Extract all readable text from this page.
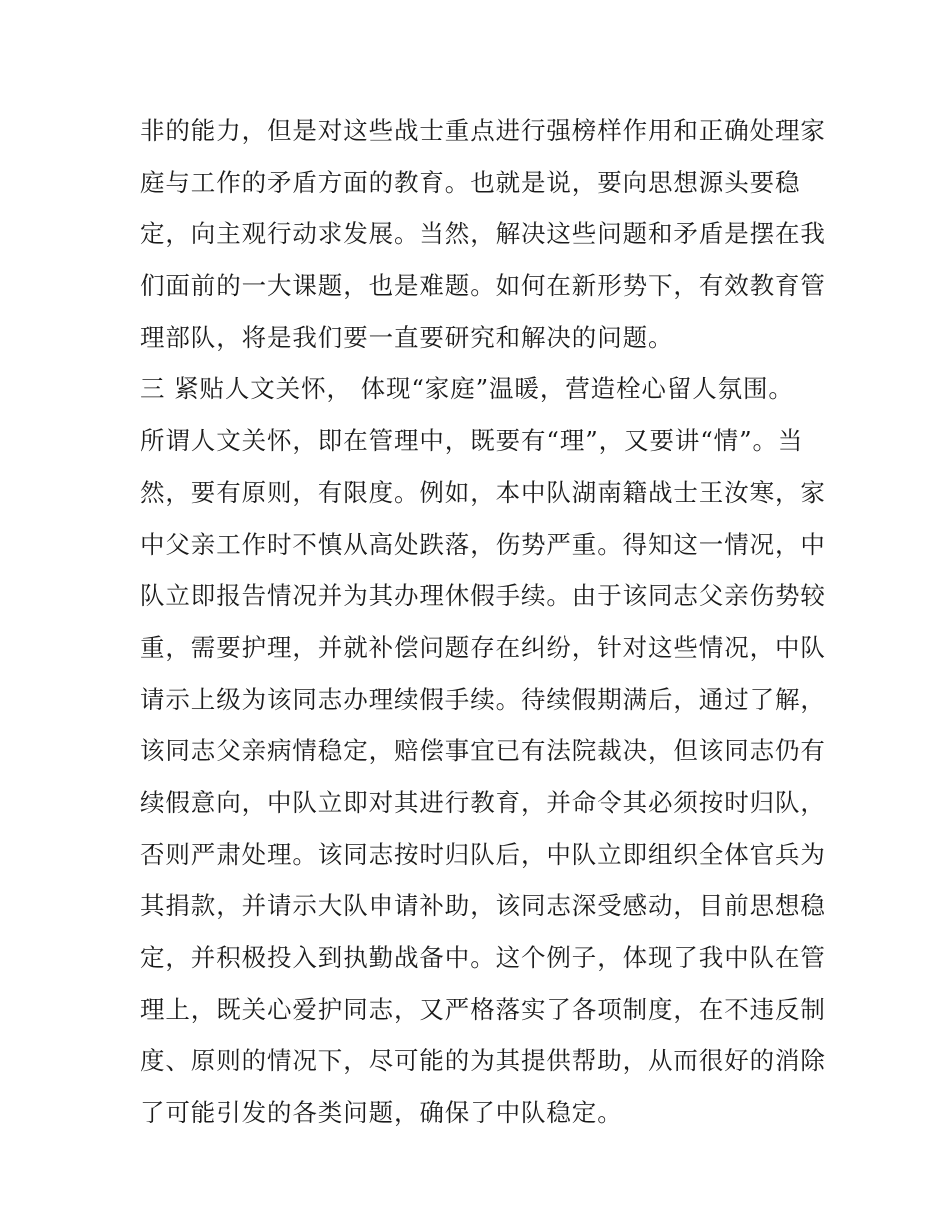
非的能力，但是对这些战士重点进行强榜样作用和正确处理家
庭与工作的矛盾方面的教育。也就是说，要向思想源头要稳
定，向主观行动求发展。当然，解决这些问题和矛盾是摆在我
们面前的一大课题，也是难题。如何在新形势下，有效教育管
理部队，将是我们要一直要研究和解决的问题。
三 紧贴人文关怀， 体现“家庭”温暖，营造栓心留人氛围。
所谓人文关怀，即在管理中，既要有“理”，又要讲“情”。当
然，要有原则，有限度。例如，本中队湖南籍战士王汝寒，家
中父亲工作时不慎从高处跌落，伤势严重。得知这一情况，中
队立即报告情况并为其办理休假手续。由于该同志父亲伤势较
重，需要护理，并就补偿问题存在纠纷，针对这些情况，中队
请示上级为该同志办理续假手续。待续假期满后，通过了解，
该同志父亲病情稳定，赔偿事宜已有法院裁决，但该同志仍有
续假意向，中队立即对其进行教育，并命令其必须按时归队，
否则严肃处理。该同志按时归队后，中队立即组织全体官兵为
其捐款，并请示大队申请补助，该同志深受感动，目前思想稳
定，并积极投入到执勤战备中。这个例子，体现了我中队在管
理上，既关心爱护同志，又严格落实了各项制度，在不违反制
度、原则的情况下，尽可能的为其提供帮助，从而很好的消除
了可能引发的各类问题，确保了中队稳定。
